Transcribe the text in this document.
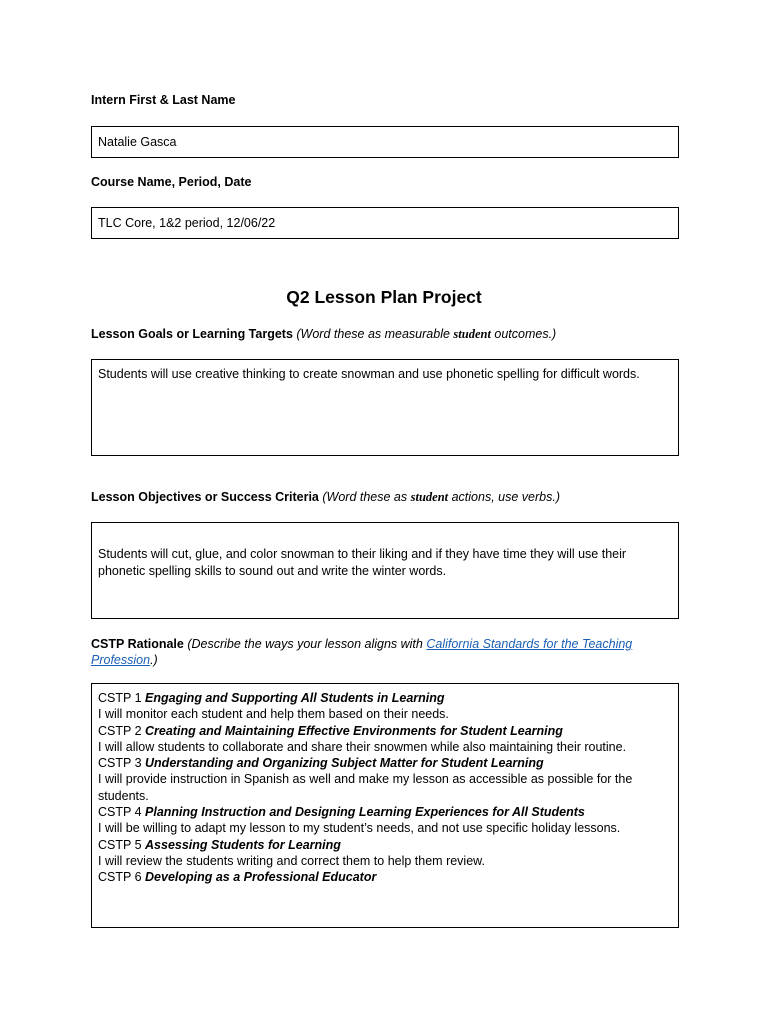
Intern First & Last Name
Natalie Gasca
Course Name, Period, Date
TLC Core, 1&2 period, 12/06/22
Q2 Lesson Plan Project
Lesson Goals or Learning Targets (Word these as measurable student outcomes.)
Students will use creative thinking to create snowman and use phonetic spelling for difficult words.
Lesson Objectives or Success Criteria (Word these as student actions, use verbs.)
Students will cut, glue, and color snowman to their liking and if they have time they will use their phonetic spelling skills to sound out and write the winter words.
CSTP Rationale (Describe the ways your lesson aligns with California Standards for the Teaching Profession.)
CSTP 1 Engaging and Supporting All Students in Learning
I will monitor each student and help them based on their needs.
CSTP 2 Creating and Maintaining Effective Environments for Student Learning
I will allow students to collaborate and share their snowmen while also maintaining their routine.
CSTP 3 Understanding and Organizing Subject Matter for Student Learning
I will provide instruction in Spanish as well and make my lesson as accessible as possible for the students.
CSTP 4 Planning Instruction and Designing Learning Experiences for All Students
I will be willing to adapt my lesson to my student’s needs, and not use specific holiday lessons.
CSTP 5 Assessing Students for Learning
I will review the students writing and correct them to help them review.
CSTP 6 Developing as a Professional Educator
